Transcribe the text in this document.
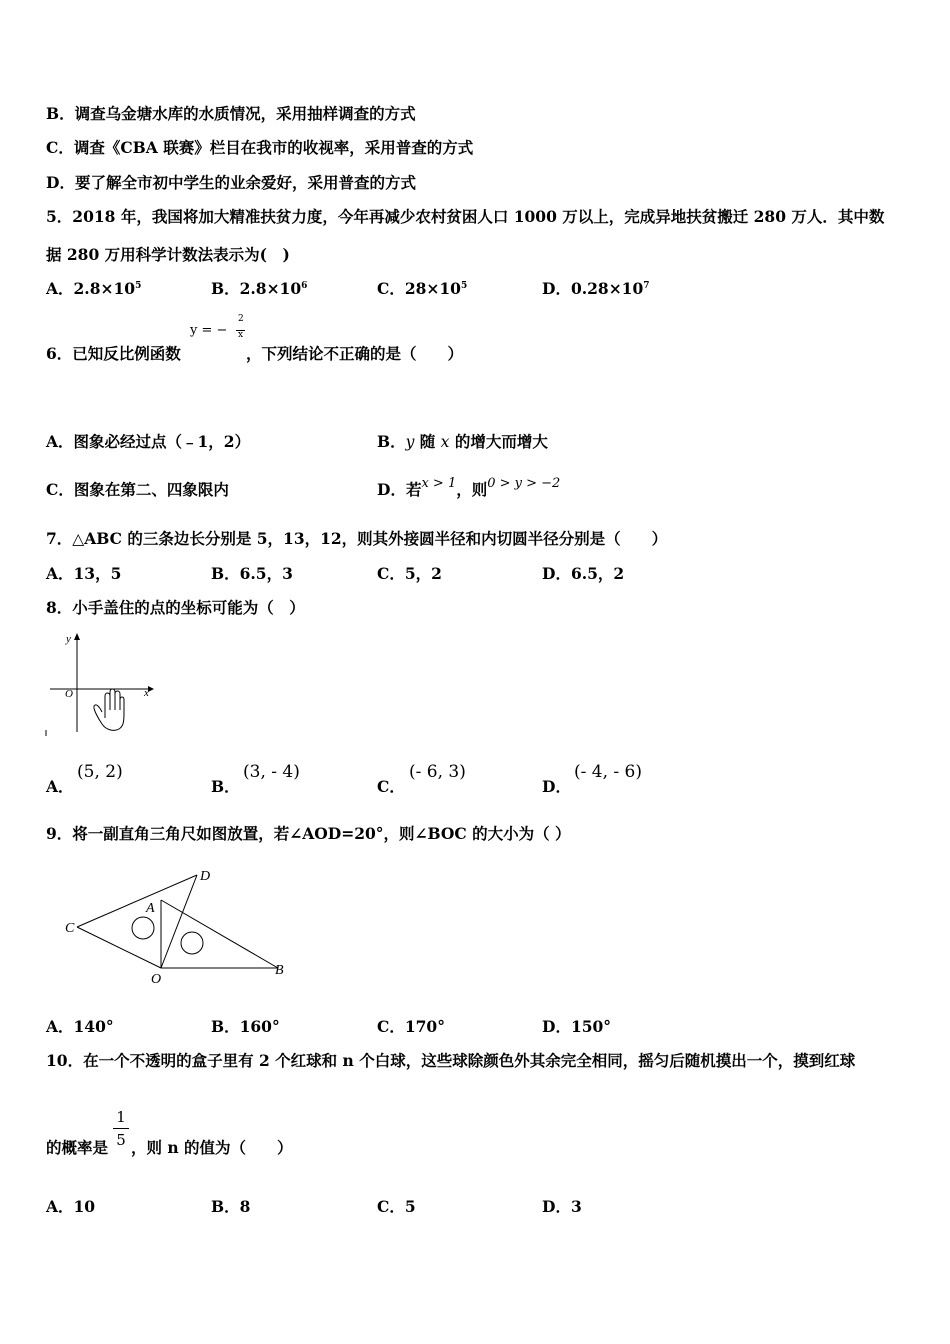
B．调查乌金塘水库的水质情况，采用抽样调查的方式
C．调查《CBA 联赛》栏目在我市的收视率，采用普查的方式
D．要了解全市初中学生的业余爱好，采用普查的方式
5．2018 年，我国将加大精准扶贫力度，今年再减少农村贫困人口 1000 万以上，完成异地扶贫搬迁 280 万人．其中数
据 280 万用科学计数法表示为(　)
A．$2.8\times 10^5$	B．$2.8\times 10^6$	C．$28\times 10^5$	D．$0.28\times 10^7$
6．已知反比例函数
y = −
2
x
，下列结论不正确的是（　　）
A．图象必经过点（﹣1，2）	B．y 随 x 的增大而增大
C．图象在第二、四象限内	D．若$^{x > 1}$，则$^{0 > y > -2}$
7．△ABC 的三条边长分别是 5，13，12，则其外接圆半径和内切圆半径分别是（　　）
A．13，5	B．6.5，3	C．5，2	D．6.5，2
8．小手盖住的点的坐标可能为（　）
y
x
O
A．
(5, 2)
B．
(3, - 4)
C．
(- 6, 3)
D．
(- 4, - 6)
9．将一副直角三角尺如图放置，若∠AOD=20°，则∠BOC 的大小为（ ）
C
A
D
O
B
A．140°	B．160°	C．170°	D．150°
10．在一个不透明的盒子里有 2 个红球和 n 个白球，这些球除颜色外其余完全相同，摇匀后随机摸出一个，摸到红球
的概率是
1
5 ，则 n 的值为（　　）
A．10	B．8	C．5	D．3
